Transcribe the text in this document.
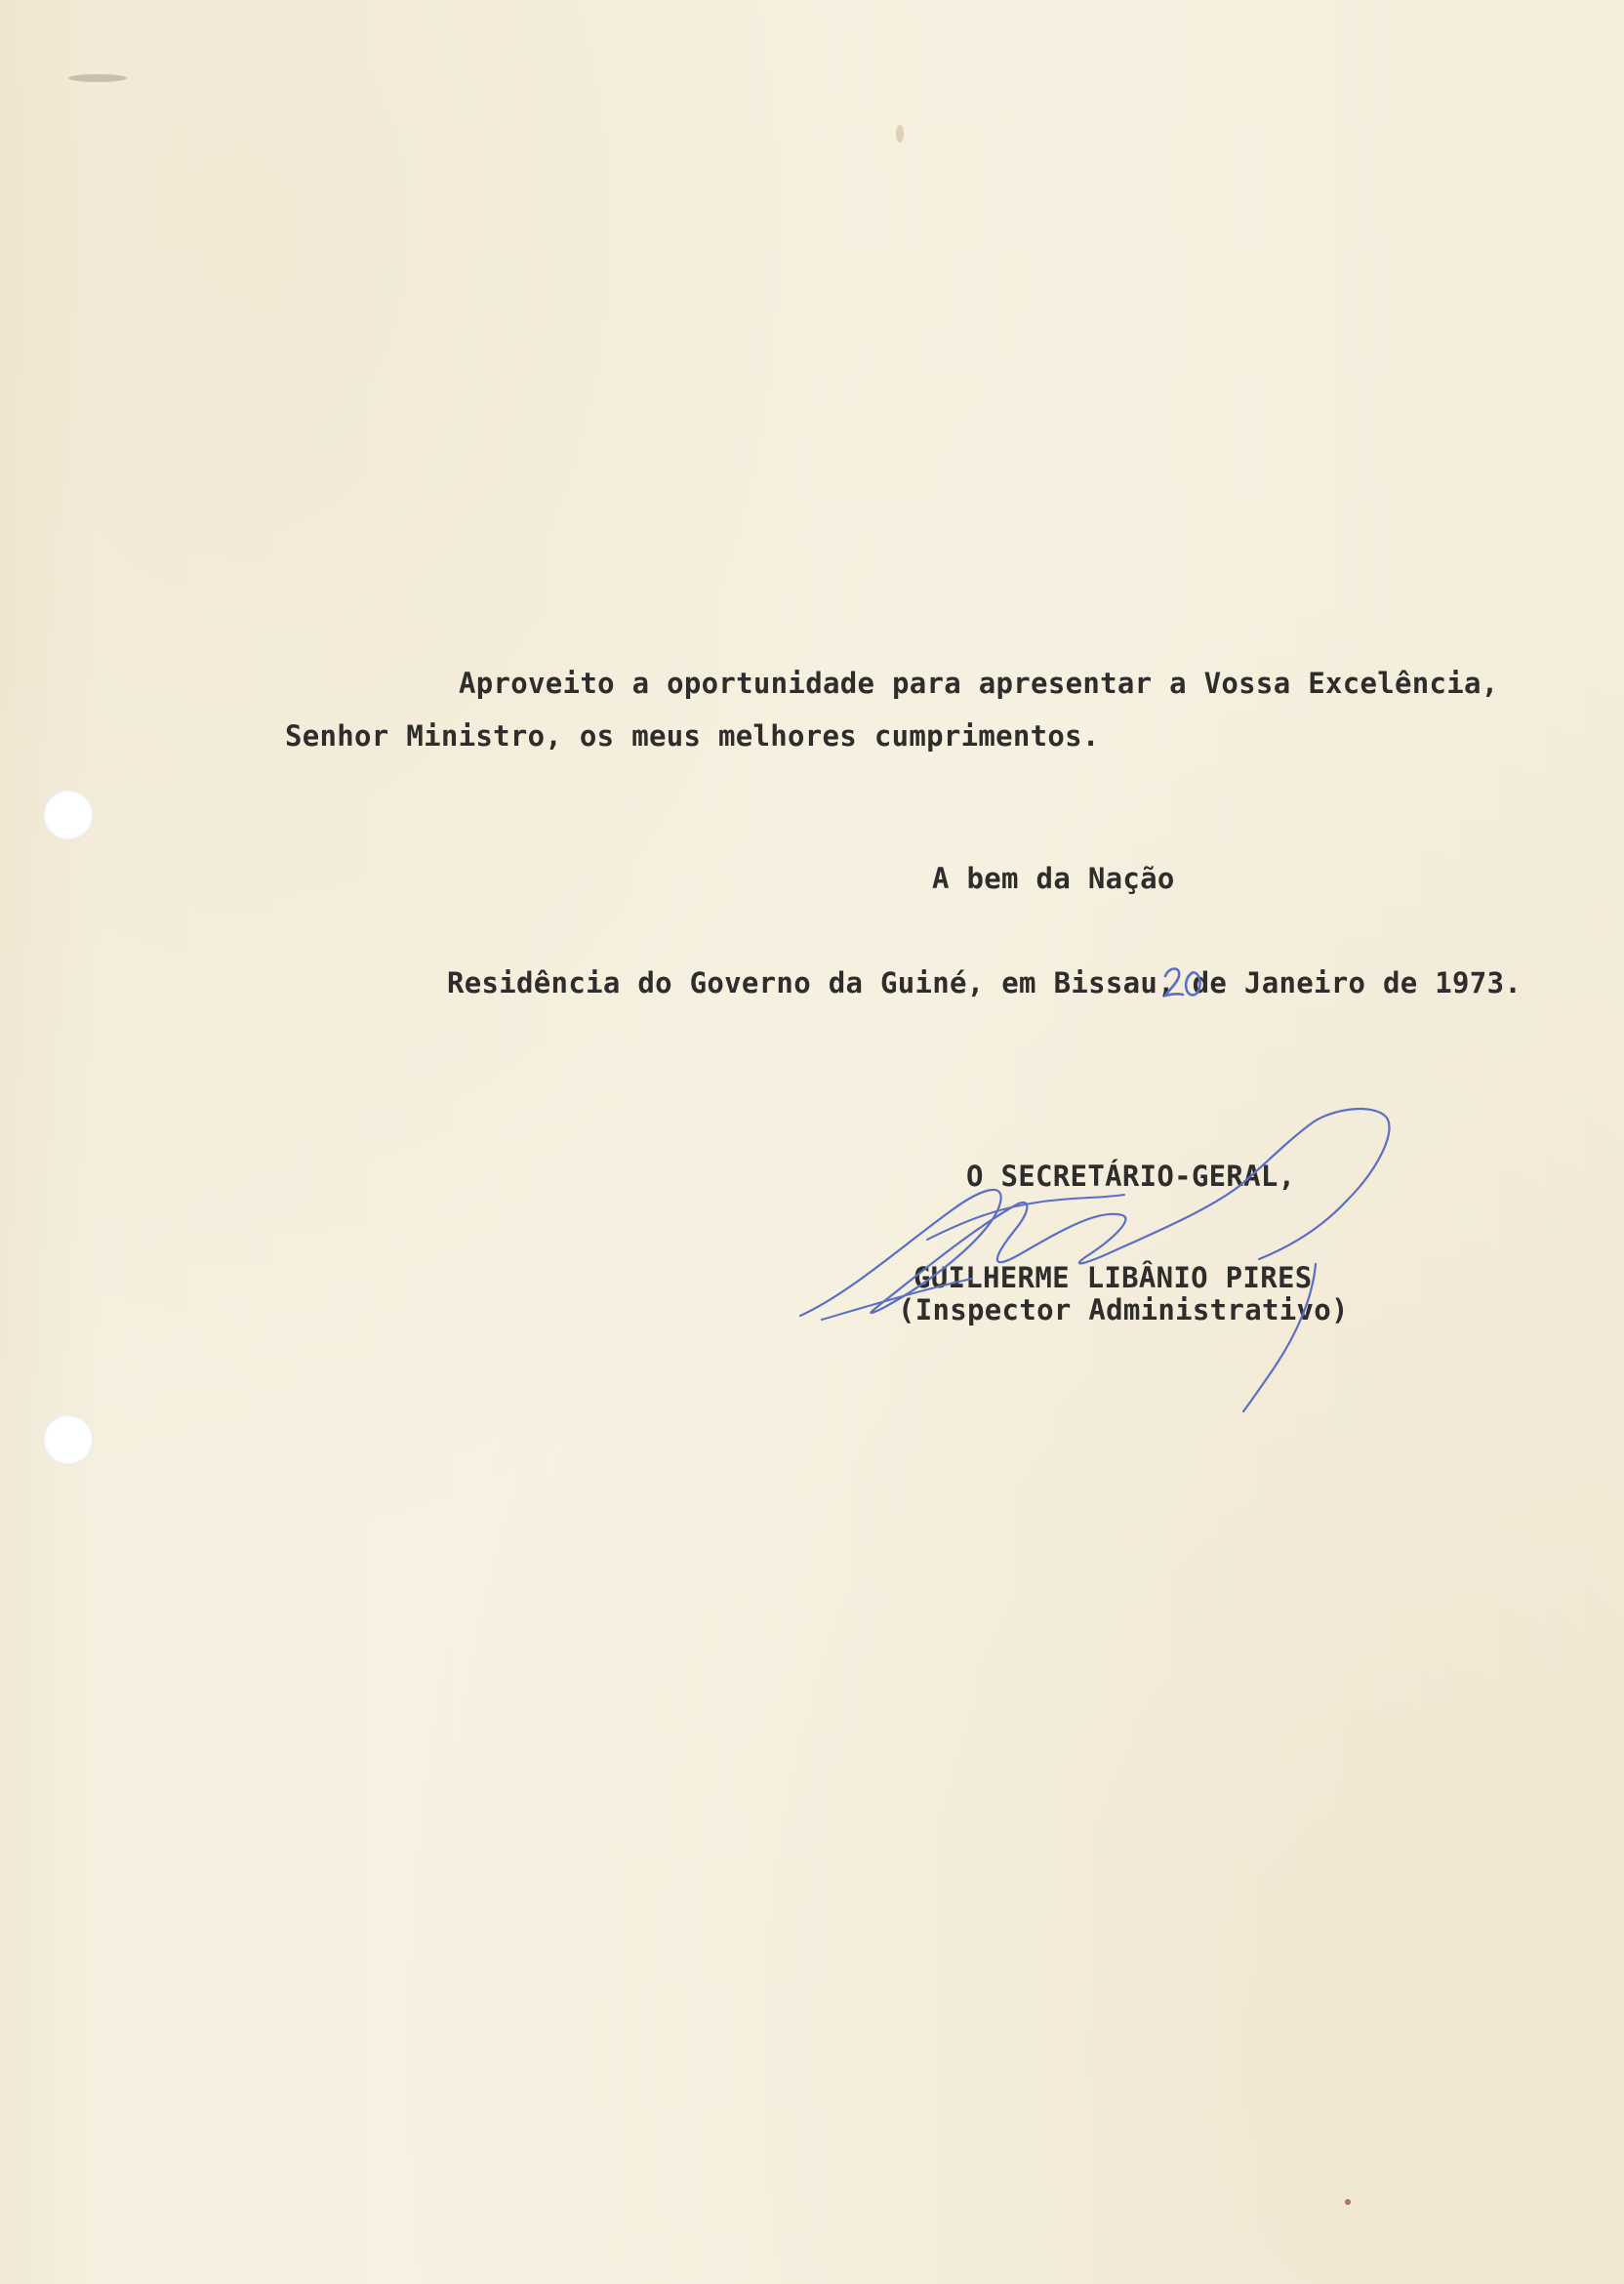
Aproveito a oportunidade para apresentar a Vossa Excelência,

Senhor Ministro, os meus melhores cumprimentos.

A bem da Nação

Residência do Governo da Guiné, em Bissau, de Janeiro de 1973.

O SECRETÁRIO-GERAL,

GUILHERME LIBÂNIO PIRES

(Inspector Administrativo)
